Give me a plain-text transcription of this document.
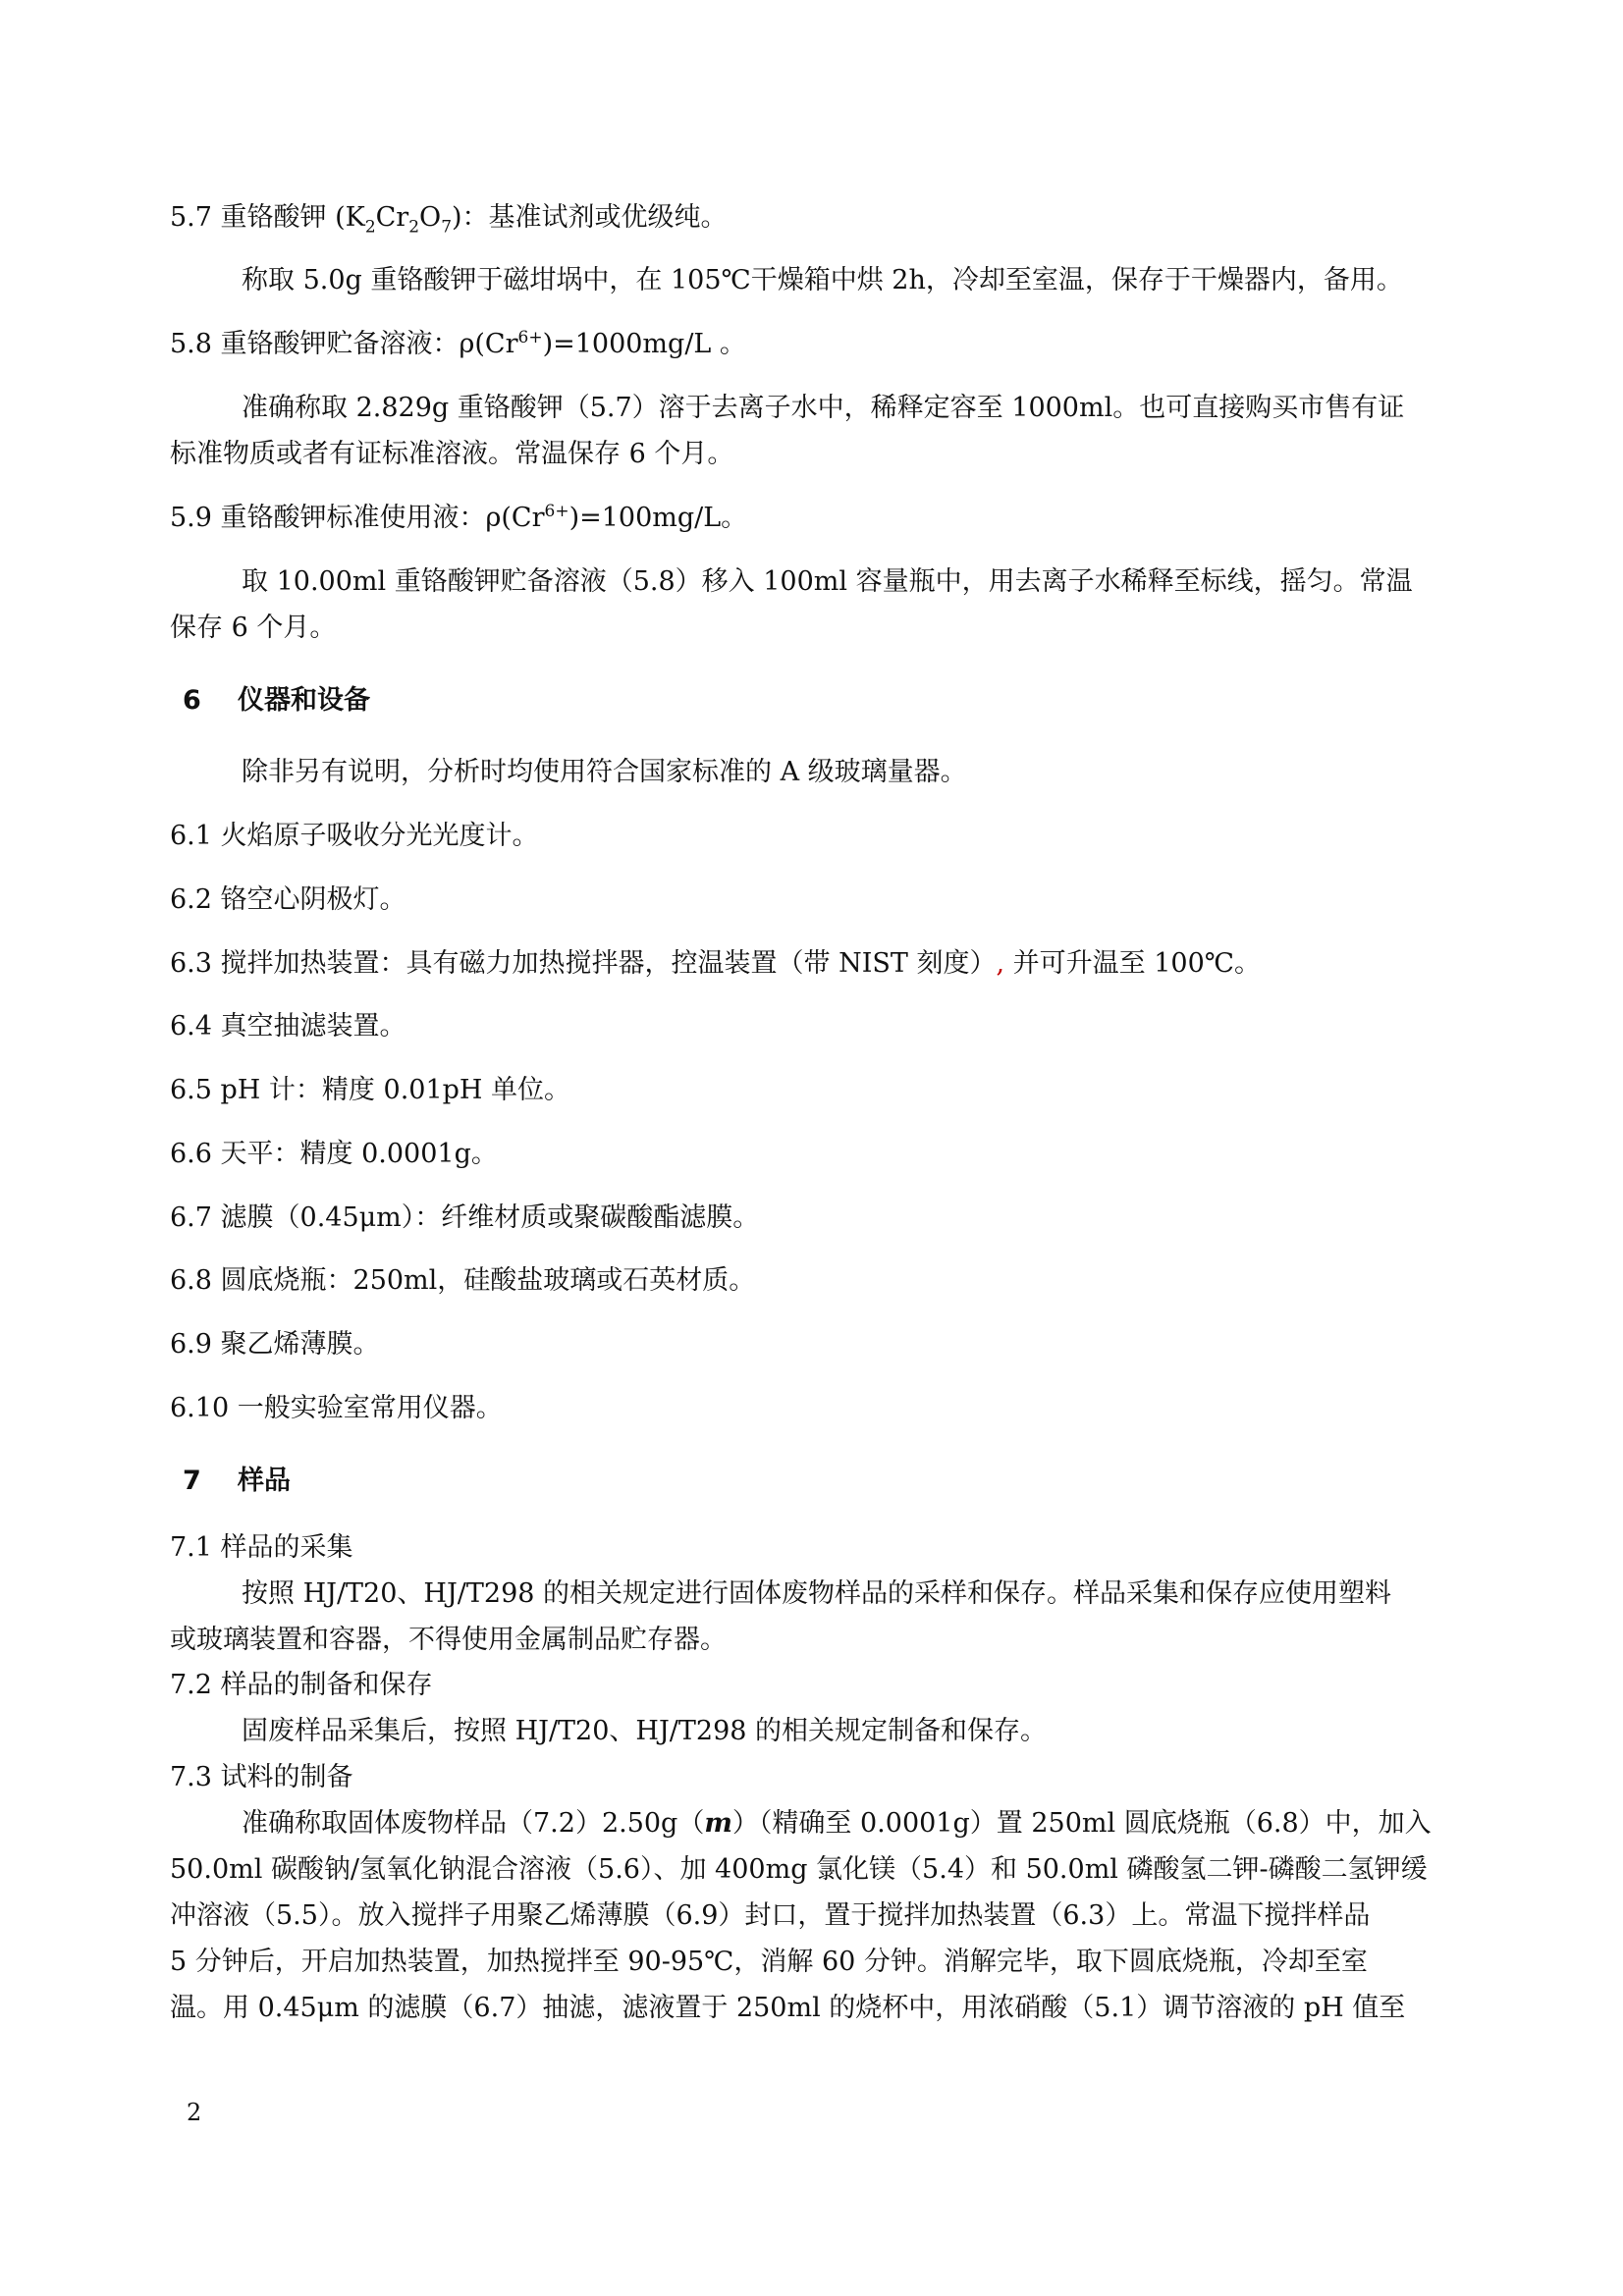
5.7 重铬酸钾 $(K_2Cr_2O_7)$：基准试剂或优级纯。
称取 5.0g 重铬酸钾于磁坩埚中，在 105℃干燥箱中烘 2h，冷却至室温，保存于干燥器内，备用。
5.8 重铬酸钾贮备溶液：$\rho(Cr^{6+})=1000mg/L$ 。
准确称取 2.829g 重铬酸钾（5.7）溶于去离子水中，稀释定容至 1000ml。也可直接购买市售有证
标准物质或者有证标准溶液。常温保存 6 个月。
5.9 重铬酸钾标准使用液：$\rho(Cr^{6+})=100mg/L$。
取 10.00ml 重铬酸钾贮备溶液（5.8）移入 100ml 容量瓶中，用去离子水稀释至标线，摇匀。常温
保存 6 个月。
6 仪器和设备
除非另有说明，分析时均使用符合国家标准的 A 级玻璃量器。
6.1 火焰原子吸收分光光度计。
6.2 铬空心阴极灯。
6.3 搅拌加热装置：具有磁力加热搅拌器，控温装置（带 NIST 刻度）, 并可升温至 100℃。
6.4 真空抽滤装置。
6.5 pH 计：精度 0.01pH 单位。
6.6 天平：精度 0.0001g。
6.7 滤膜（0.45μm）：纤维材质或聚碳酸酯滤膜。
6.8 圆底烧瓶：250ml，硅酸盐玻璃或石英材质。
6.9 聚乙烯薄膜。
6.10 一般实验室常用仪器。
7 样品
7.1 样品的采集
按照 HJ/T20、HJ/T298 的相关规定进行固体废物样品的采样和保存。样品采集和保存应使用塑料
或玻璃装置和容器，不得使用金属制品贮存器。
7.2 样品的制备和保存
固废样品采集后，按照 HJ/T20、HJ/T298 的相关规定制备和保存。
7.3 试料的制备
准确称取固体废物样品（7.2）2.50g（m）（精确至 0.0001g）置 250ml 圆底烧瓶（6.8）中，加入
50.0ml 碳酸钠/氢氧化钠混合溶液（5.6）、加 400mg 氯化镁（5.4）和 50.0ml 磷酸氢二钾-磷酸二氢钾缓
冲溶液（5.5）。放入搅拌子用聚乙烯薄膜（6.9）封口，置于搅拌加热装置（6.3）上。常温下搅拌样品
5 分钟后，开启加热装置，加热搅拌至 90-95℃，消解 60 分钟。消解完毕，取下圆底烧瓶，冷却至室
温。用 0.45μm 的滤膜（6.7）抽滤，滤液置于 250ml 的烧杯中，用浓硝酸（5.1）调节溶液的 pH 值至
2
